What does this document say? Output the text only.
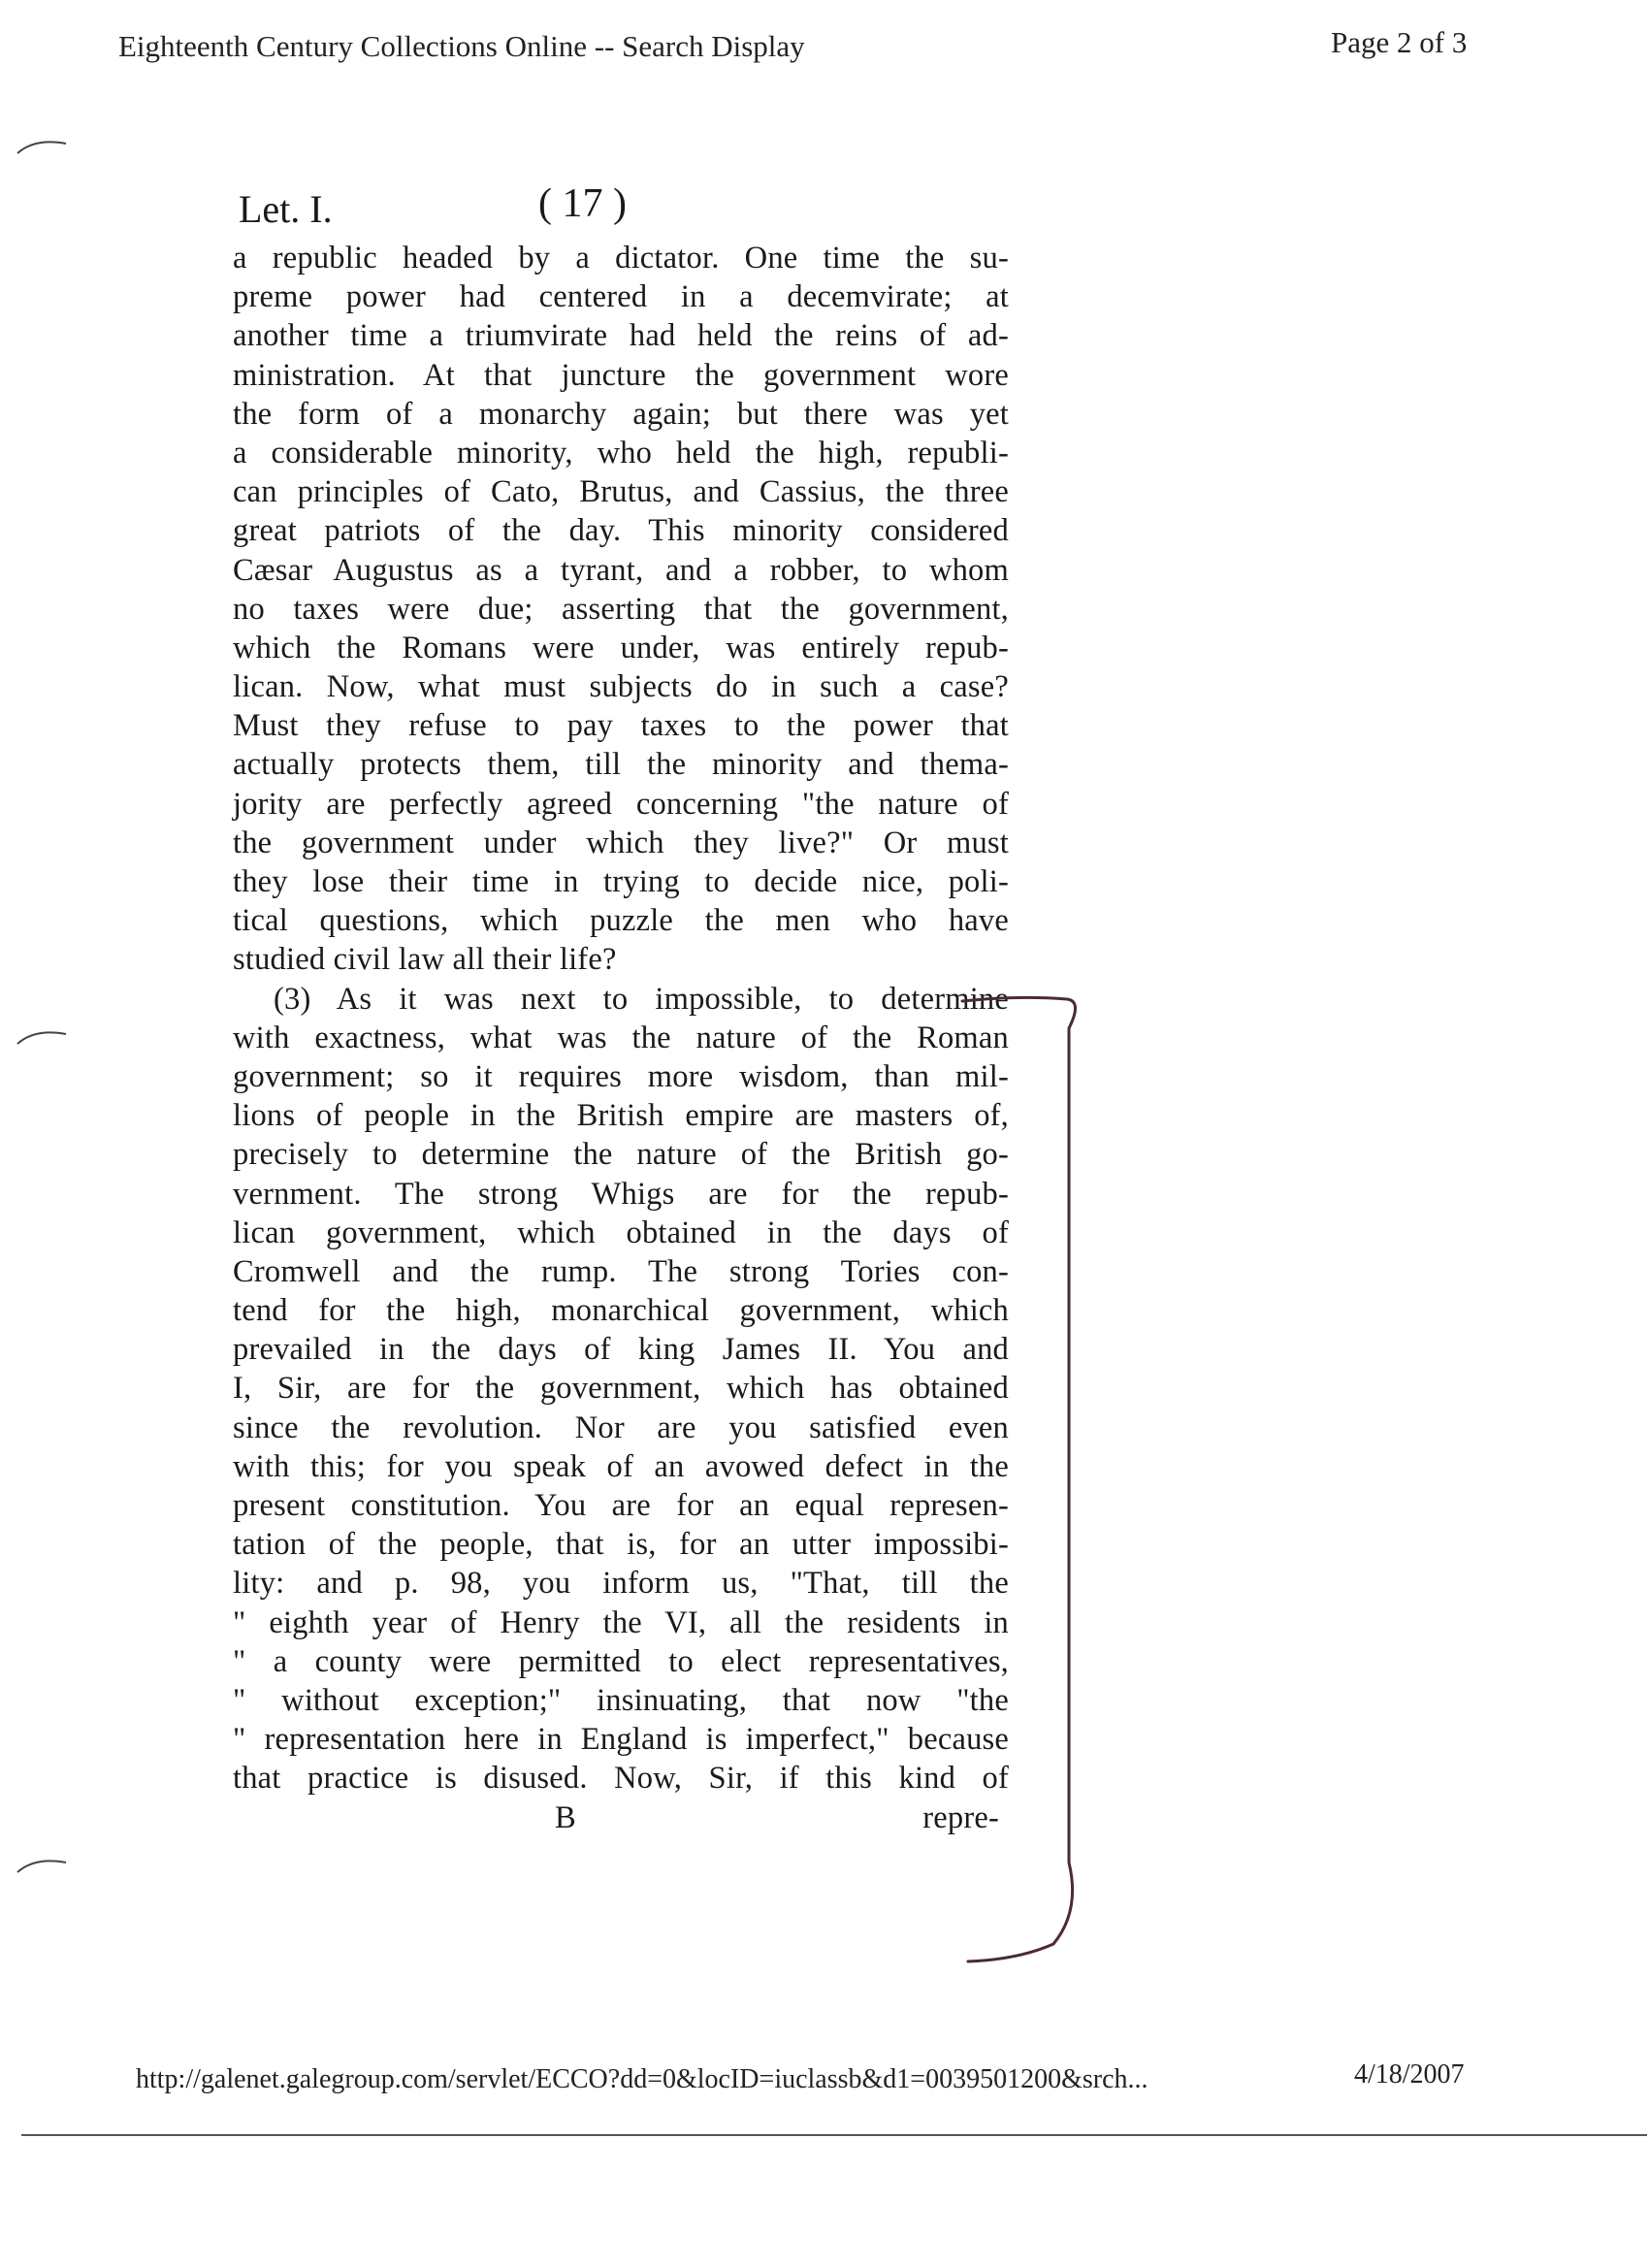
Eighteenth Century Collections Online -- Search Display	Page 2 of 3
Let. I.	( 17 )
a republic headed by a dictator. One time the su-
preme power had centered in a decemvirate; at
another time a triumvirate had held the reins of ad-
ministration. At that juncture the government wore
the form of a monarchy again; but there was yet
a considerable minority, who held the high, republi-
can principles of Cato, Brutus, and Cassius, the three
great patriots of the day. This minority considered
Cæsar Augustus as a tyrant, and a robber, to whom
no taxes were due; asserting that the government,
which the Romans were under, was entirely repub-
lican. Now, what must subjects do in such a case?
Must they refuse to pay taxes to the power that
actually protects them, till the minority and thema-
jority are perfectly agreed concerning "the nature of
the government under which they live?" Or must
they lose their time in trying to decide nice, poli-
tical questions, which puzzle the men who have
studied civil law all their life?
(3) As it was next to impossible, to determine
with exactness, what was the nature of the Roman
government; so it requires more wisdom, than mil-
lions of people in the British empire are masters of,
precisely to determine the nature of the British go-
vernment. The strong Whigs are for the repub-
lican government, which obtained in the days of
Cromwell and the rump. The strong Tories con-
tend for the high, monarchical government, which
prevailed in the days of king James II. You and
I, Sir, are for the government, which has obtained
since the revolution. Nor are you satisfied even
with this; for you speak of an avowed defect in the
present constitution. You are for an equal represen-
tation of the people, that is, for an utter impossibi-
lity: and p. 98, you inform us, "That, till the
" eighth year of Henry the VI, all the residents in
" a county were permitted to elect representatives,
" without exception;" insinuating, that now "the
" representation here in England is imperfect," because
that practice is disused. Now, Sir, if this kind of
B	repre-
http://galenet.galegroup.com/servlet/ECCO?dd=0&locID=iuclassb&d1=0039501200&srch...	4/18/2007
